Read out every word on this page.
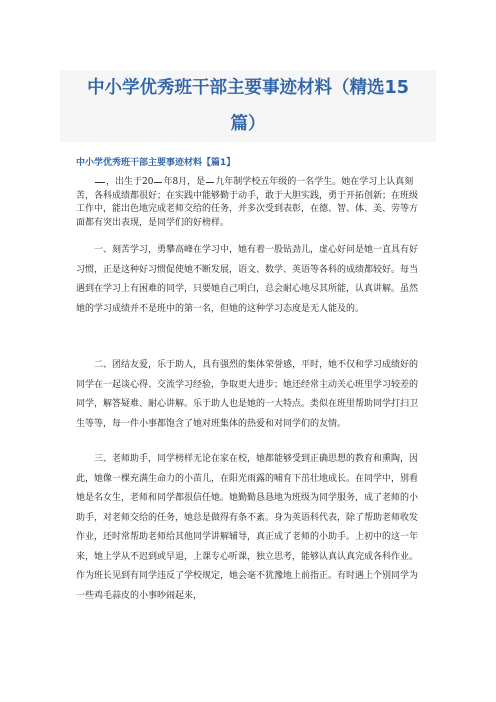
中小学优秀班干部主要事迹材料（精选15
篇）
中小学优秀班干部主要事迹材料【篇1】

，出生于20 年8月，是 九年制学校五年级的一名学生。她在学习上认真刻苦，各科成绩都很好；在实践中能够勤于动手，敢于大胆实践，勇于开拓创新；在班级工作中，能出色地完成老师交给的任务，并多次受到表彰，在德、智、体、美、劳等方面都有突出表现，是同学们的好榜样。

一、刻苦学习，勇攀高峰在学习中，她有着一股钻劲儿，虚心好问是她一直具有好习惯，正是这种好习惯促使她不断发展，语文、数学、英语等各科的成绩都较好。每当遇到在学习上有困难的同学，只要她自己明白，总会耐心地尽其所能，认真讲解。虽然她的学习成绩并不是班中的第一名，但她的这种学习态度是无人能及的。

二、团结友爱，乐于助人，具有强烈的集体荣誉感，平时，她不仅和学习成绩好的同学在一起谈心得、交流学习经验，争取更大进步；她还经常主动关心班里学习较差的同学，解答疑难、耐心讲解。乐于助人也是她的一大特点。类似在班里帮助同学打扫卫生等等，每一件小事都饱含了她对班集体的热爱和对同学们的友情。

三、老师助手，同学榜样无论在家在校，她都能够受到正确思想的教育和熏陶，因此，她像一棵充满生命力的小苗儿，在阳光雨露的哺育下茁壮地成长。在同学中，别看她是名女生，老师和同学都很信任她。她勤勤恳恳地为班级为同学服务，成了老师的小助手，对老师交给的任务，她总是做得有条不紊。身为英语科代表，除了帮助老师收发作业，还时常帮助老师给其他同学讲解辅导，真正成了老师的小助手。上初中的这一年来，她上学从不迟到或早退，上课专心听课，独立思考，能够认真认真完成各科作业。作为班长见到有同学违反了学校规定，她会毫不犹豫地上前指正。有时遇上个别同学为一些鸡毛蒜皮的小事吵闹起来，
